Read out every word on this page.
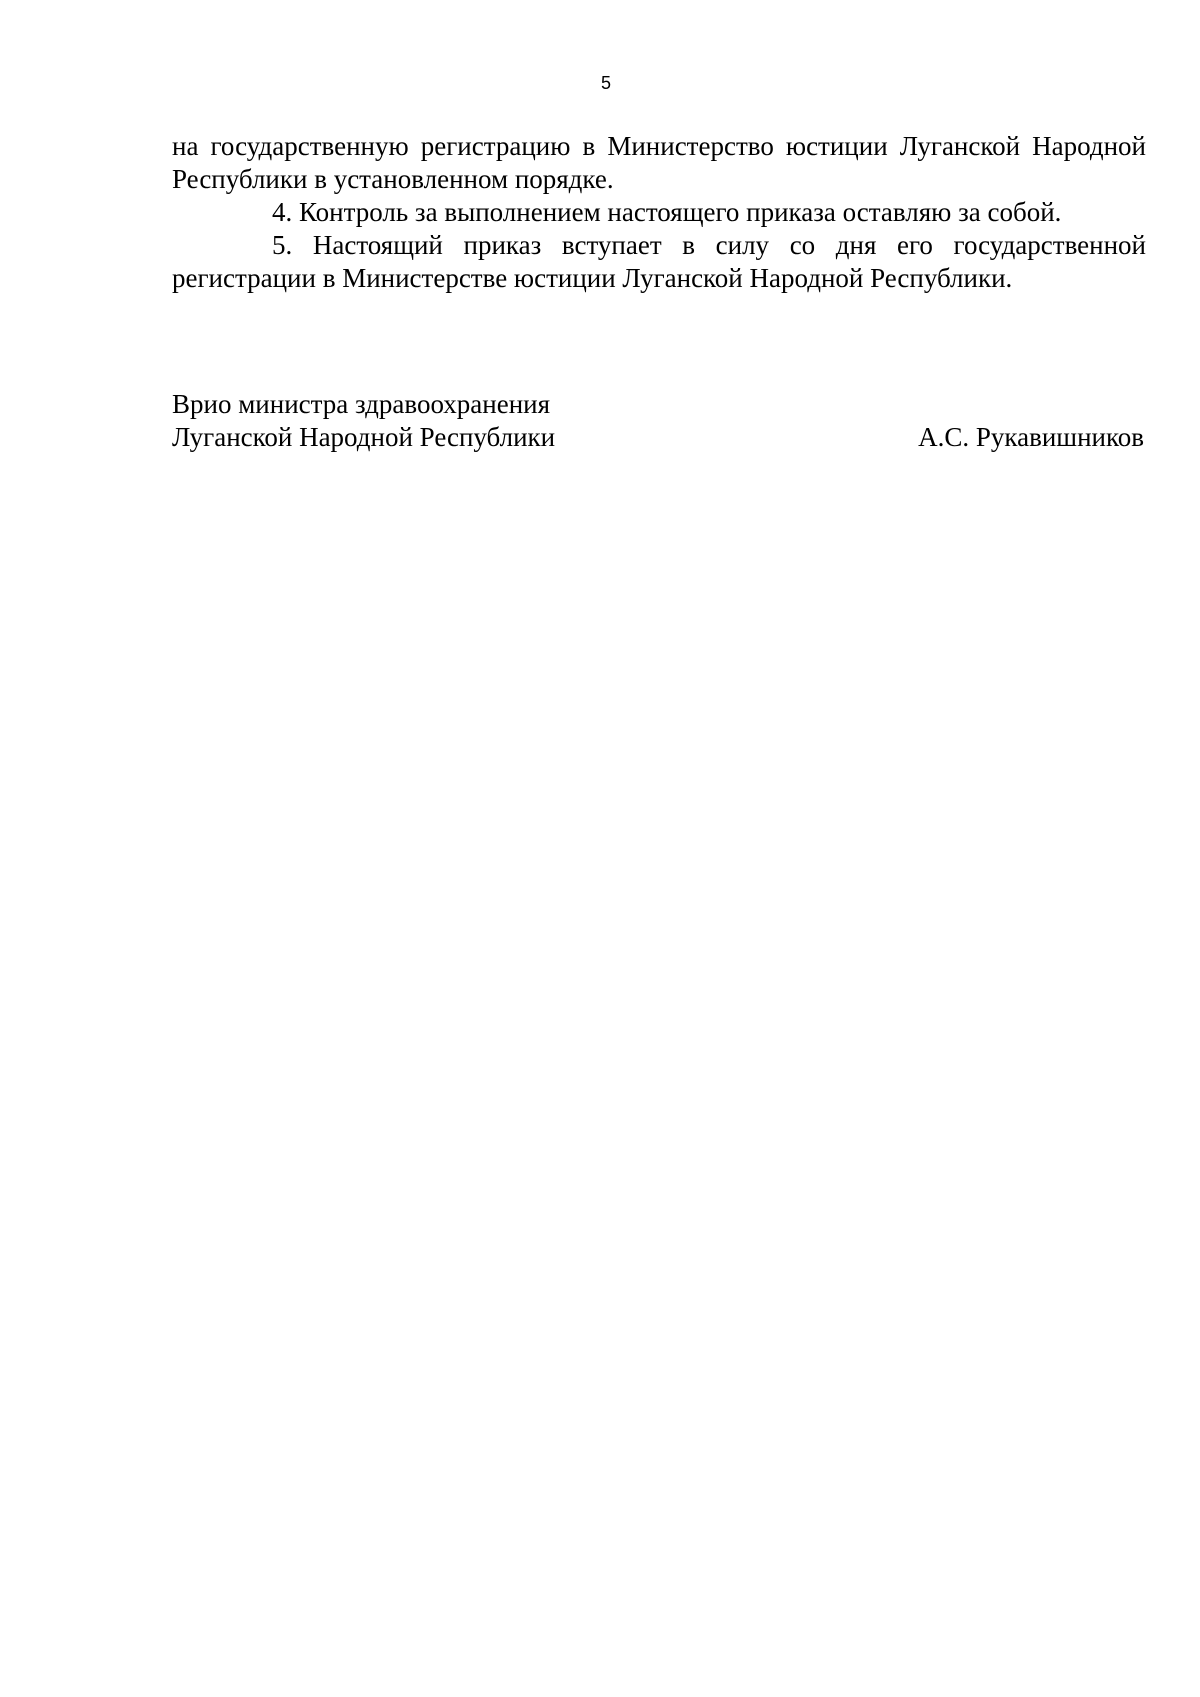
5

на государственную регистрацию в Министерство юстиции Луганской Народной Республики в установленном порядке.

4. Контроль за выполнением настоящего приказа оставляю за собой.

5. Настоящий приказ вступает в силу со дня его государственной регистрации в Министерстве юстиции Луганской Народной Республики.

Врио министра здравоохранения
Луганской Народной Республики	А.С. Рукавишников
